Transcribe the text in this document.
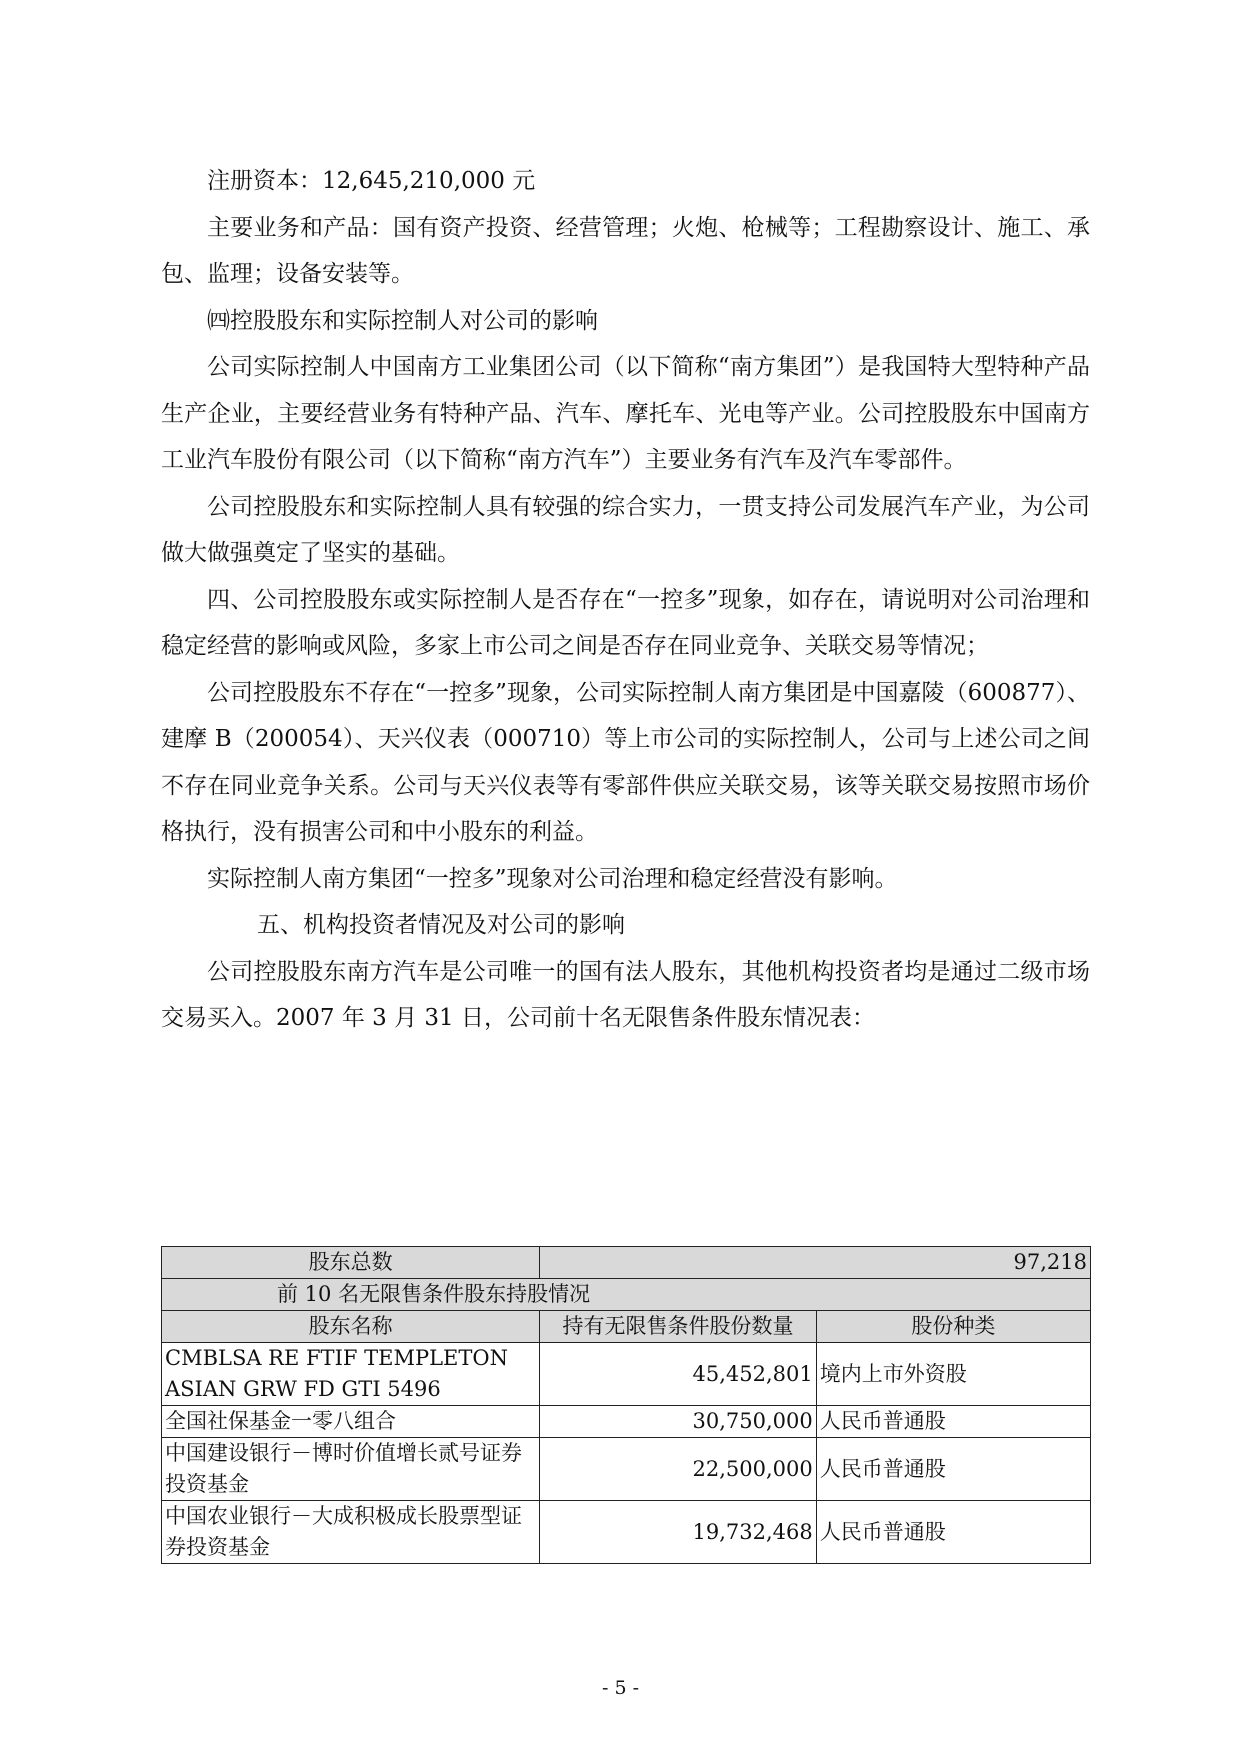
注册资本：12,645,210,000 元

主要业务和产品：国有资产投资、经营管理；火炮、枪械等；工程勘察设计、施工、承包、监理；设备安装等。

㈣控股股东和实际控制人对公司的影响

公司实际控制人中国南方工业集团公司（以下简称“南方集团”）是我国特大型特种产品生产企业，主要经营业务有特种产品、汽车、摩托车、光电等产业。公司控股股东中国南方工业汽车股份有限公司（以下简称“南方汽车”）主要业务有汽车及汽车零部件。

公司控股股东和实际控制人具有较强的综合实力，一贯支持公司发展汽车产业，为公司做大做强奠定了坚实的基础。

四、公司控股股东或实际控制人是否存在“一控多”现象，如存在，请说明对公司治理和稳定经营的影响或风险，多家上市公司之间是否存在同业竞争、关联交易等情况；

公司控股股东不存在“一控多”现象，公司实际控制人南方集团是中国嘉陵（600877）、建摩 B（200054）、天兴仪表（000710）等上市公司的实际控制人，公司与上述公司之间不存在同业竞争关系。公司与天兴仪表等有零部件供应关联交易，该等关联交易按照市场价格执行，没有损害公司和中小股东的利益。

实际控制人南方集团“一控多”现象对公司治理和稳定经营没有影响。

五、机构投资者情况及对公司的影响

公司控股股东南方汽车是公司唯一的国有法人股东，其他机构投资者均是通过二级市场交易买入。2007 年 3 月 31 日，公司前十名无限售条件股东情况表：

股东总数	97,218	
前 10 名无限售条件股东持股情况		
股东名称	持有无限售条件股份数量	股份种类
CMBLSA RE FTIF TEMPLETON ASIAN GRW FD GTI 5496	45,452,801	境内上市外资股
全国社保基金一零八组合	30,750,000	人民币普通股
中国建设银行－博时价值增长贰号证券投资基金	22,500,000	人民币普通股
中国农业银行－大成积极成长股票型证券投资基金	19,732,468	人民币普通股
- 5 -
